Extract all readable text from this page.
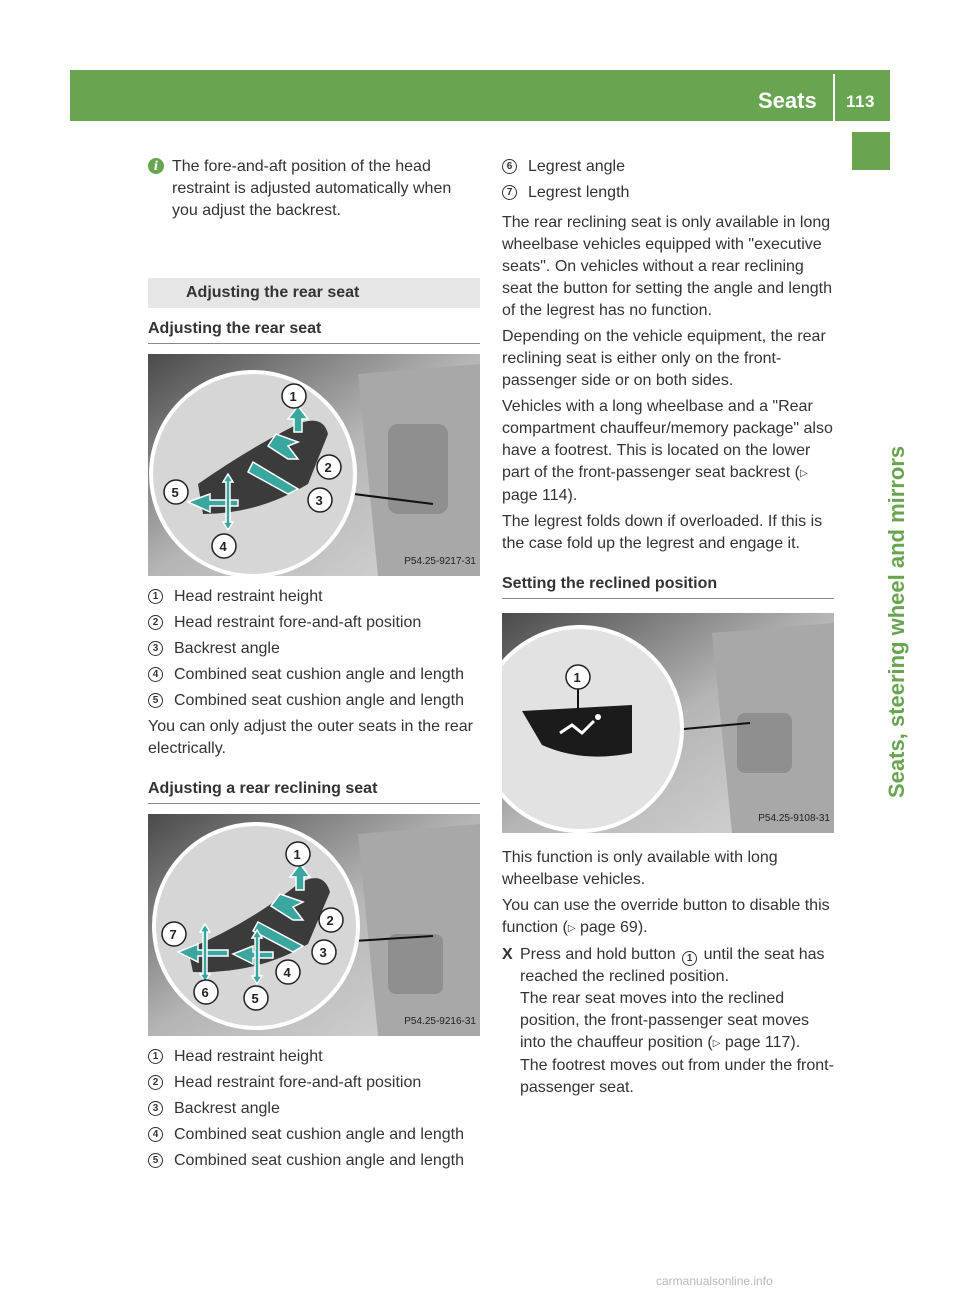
Seats 113
Seats, steering wheel and mirrors
i The fore-and-aft position of the head restraint is adjusted automatically when you adjust the backrest.
Adjusting the rear seat
Adjusting the rear seat
1
2
3
4
5
P54.25-9217-31
1 Head restraint height
2 Head restraint fore-and-aft position
3 Backrest angle
4 Combined seat cushion angle and length
5 Combined seat cushion angle and length
You can only adjust the outer seats in the rear electrically.
Adjusting a rear reclining seat
1
2
3
4
5
6
7
P54.25-9216-31
1 Head restraint height
2 Head restraint fore-and-aft position
3 Backrest angle
4 Combined seat cushion angle and length
5 Combined seat cushion angle and length
6 Legrest angle
7 Legrest length
The rear reclining seat is only available in long wheelbase vehicles equipped with "executive seats". On vehicles without a rear reclining seat the button for setting the angle and length of the legrest has no function.
Depending on the vehicle equipment, the rear reclining seat is either only on the front-passenger side or on both sides.
Vehicles with a long wheelbase and a "Rear compartment chauffeur/memory package" also have a footrest. This is located on the lower part of the front-passenger seat backrest (▷ page 114).
The legrest folds down if overloaded. If this is the case fold up the legrest and engage it.
Setting the reclined position
1
P54.25-9108-31
This function is only available with long wheelbase vehicles.
You can use the override button to disable this function (▷ page 69).
X Press and hold button 1 until the seat has reached the reclined position.
The rear seat moves into the reclined position, the front-passenger seat moves into the chauffeur position (▷ page 117).
The footrest moves out from under the front-passenger seat.
carmanualsonline.info
